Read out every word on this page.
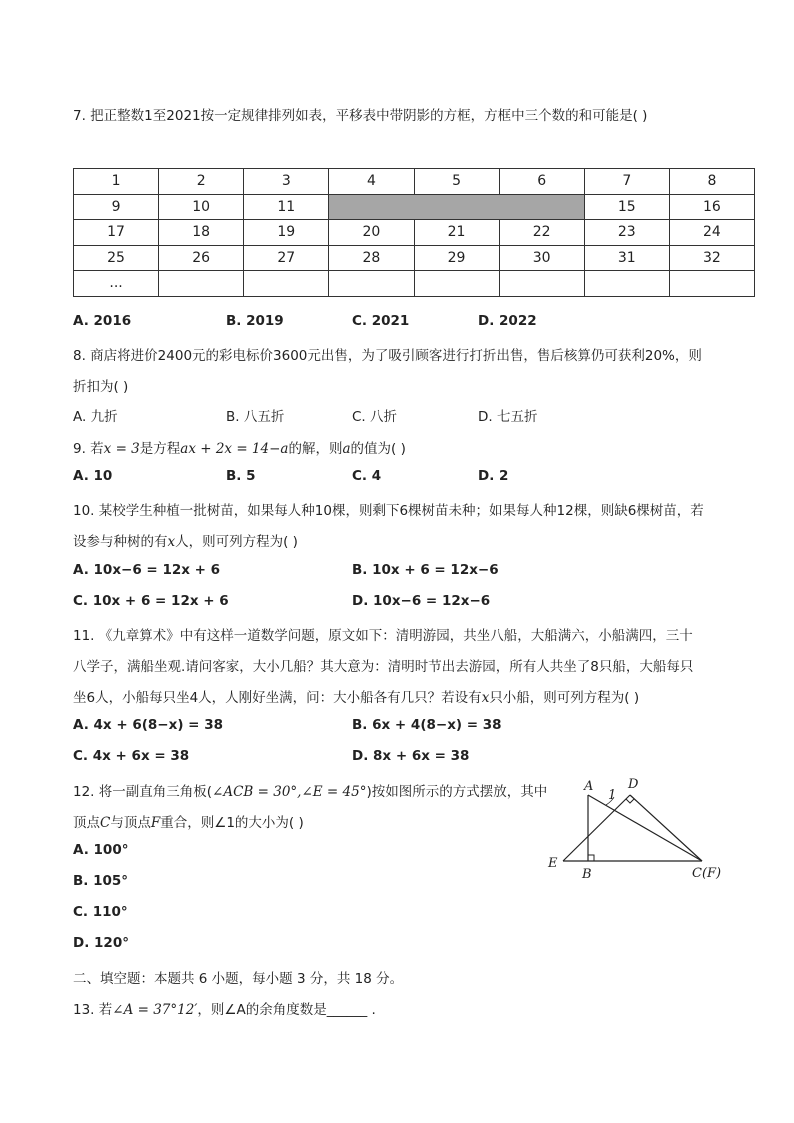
7. 把正整数1至2021按一定规律排列如表，平移表中带阴影的方框，方框中三个数的和可能是( )
1	2	3	4	5	6	7	8
9	10	11				15	16
17	18	19	20	21	22	23	24
25	26	27	28	29	30	31	32
...							
A. 2016	B. 2019	C. 2021	D. 2022
8. 商店将进价2400元的彩电标价3600元出售，为了吸引顾客进行打折出售，售后核算仍可获利20%，则
折扣为( )
A. 九折	B. 八五折	C. 八折	D. 七五折
9. 若x = 3是方程ax + 2x = 14−a的解，则a的值为( )
A. 10	B. 5	C. 4	D. 2
10. 某校学生种植一批树苗，如果每人种10棵，则剩下6棵树苗未种；如果每人种12棵，则缺6棵树苗，若
设参与种树的有x人，则可列方程为( )
A. 10x−6 = 12x + 6	B. 10x + 6 = 12x−6
C. 10x + 6 = 12x + 6	D. 10x−6 = 12x−6
11. 《九章算术》中有这样一道数学问题，原文如下：清明游园，共坐八船，大船满六，小船满四，三十
八学子，满船坐观.请问客家，大小几船？其大意为：清明时节出去游园，所有人共坐了8只船，大船每只
坐6人，小船每只坐4人，人刚好坐满，问：大小船各有几只？若设有x只小船，则可列方程为( )
A. 4x + 6(8−x) = 38	B. 6x + 4(8−x) = 38
C. 4x + 6x = 38	D. 8x + 6x = 38
12. 将一副直角三角板(∠ACB = 30°,∠E = 45°)按如图所示的方式摆放，其中
顶点C与顶点F重合，则∠1的大小为( )
A. 100°
B. 105°
C. 110°
D. 120°
A	D
1
E
B	C(F)
二、填空题：本题共 6 小题，每小题 3 分，共 18 分。
13. 若∠A = 37°12′，则∠A的余角度数是______ .
